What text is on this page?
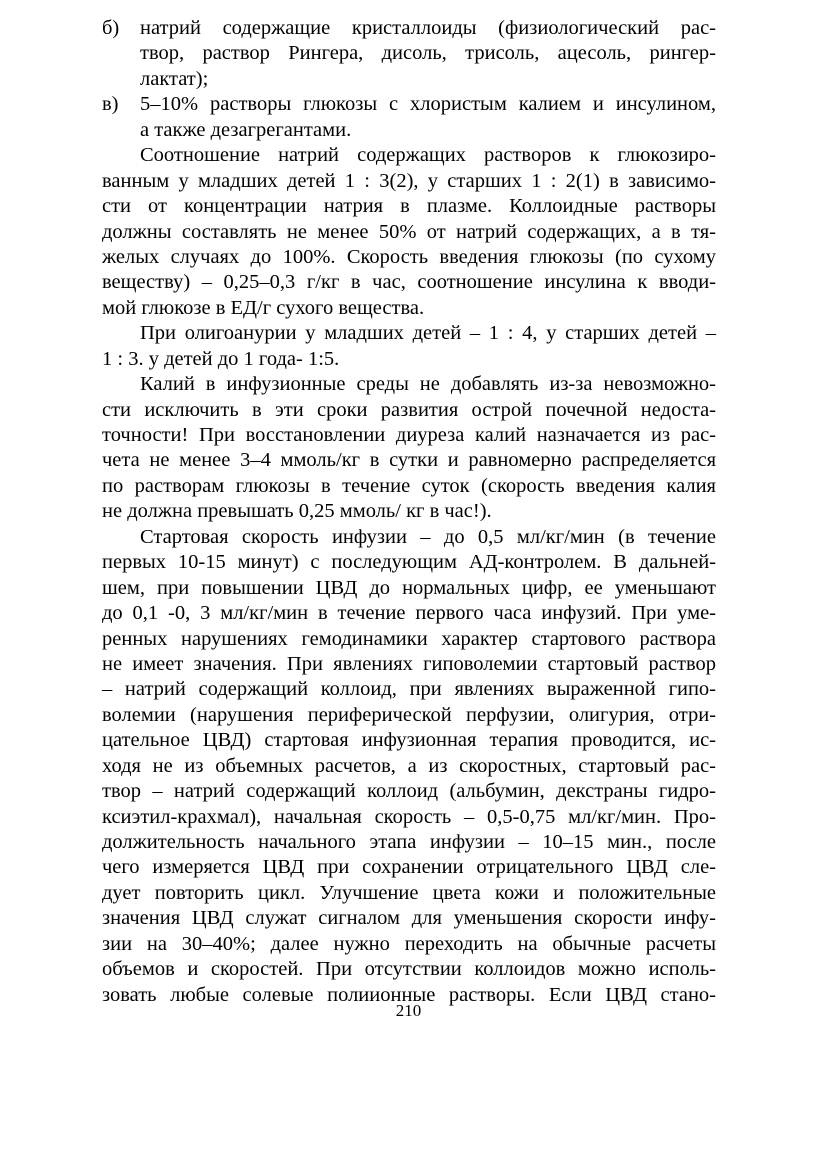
б) натрий содержащие кристаллоиды (физиологический рас-
твор, раствор Рингера, дисоль, трисоль, ацесоль, рингер-
лактат);
в) 5–10% растворы глюкозы с хлористым калием и инсулином,
а также дезагрегантами.
Соотношение натрий содержащих растворов к глюкозиро-
ванным у младших детей 1 : 3(2), у старших 1 : 2(1) в зависимо-
сти от концентрации натрия в плазме. Коллоидные растворы
должны составлять не менее 50% от натрий содержащих, а в тя-
желых случаях до 100%. Скорость введения глюкозы (по сухому
веществу) – 0,25–0,3 г/кг в час, соотношение инсулина к вводи-
мой глюкозе в ЕД/г сухого вещества.
При олигоанурии у младших детей – 1 : 4, у старших детей –
1 : 3. у детей до 1 года- 1:5.
Калий в инфузионные среды не добавлять из-за невозможно-
сти исключить в эти сроки развития острой почечной недоста-
точности! При восстановлении диуреза калий назначается из рас-
чета не менее 3–4 ммоль/кг в сутки и равномерно распределяется
по растворам глюкозы в течение суток (скорость введения калия
не должна превышать 0,25 ммоль/ кг в час!).
Стартовая скорость инфузии – до 0,5 мл/кг/мин (в течение
первых 10-15 минут) с последующим АД-контролем. В дальней-
шем, при повышении ЦВД до нормальных цифр, ее уменьшают
до 0,1 -0, 3 мл/кг/мин в течение первого часа инфузий. При уме-
ренных нарушениях гемодинамики характер стартового раствора
не имеет значения. При явлениях гиповолемии стартовый раствор
– натрий содержащий коллоид, при явлениях выраженной гипо-
волемии (нарушения периферической перфузии, олигурия, отри-
цательное ЦВД) стартовая инфузионная терапия проводится, ис-
ходя не из объемных расчетов, а из скоростных, стартовый рас-
твор – натрий содержащий коллоид (альбумин, декстраны гидро-
ксиэтил-крахмал), начальная скорость – 0,5-0,75 мл/кг/мин. Про-
должительность начального этапа инфузии – 10–15 мин., после
чего измеряется ЦВД при сохранении отрицательного ЦВД сле-
дует повторить цикл. Улучшение цвета кожи и положительные
значения ЦВД служат сигналом для уменьшения скорости инфу-
зии на 30–40%; далее нужно переходить на обычные расчеты
объемов и скоростей. При отсутствии коллоидов можно исполь-
зовать любые солевые полиионные растворы. Если ЦВД стано-
210
